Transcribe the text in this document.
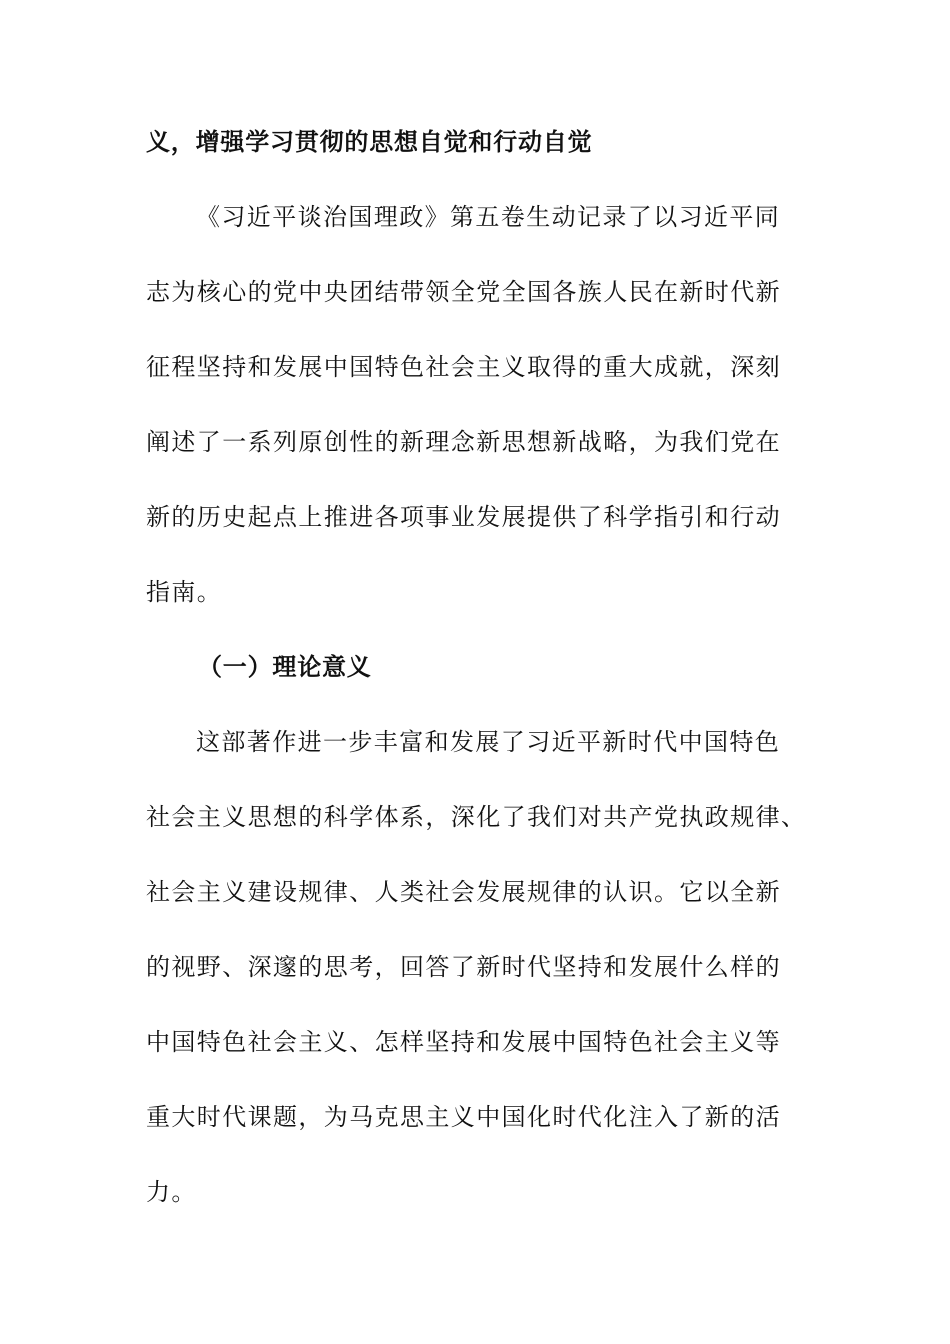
义，增强学习贯彻的思想自觉和行动自觉
《习近平谈治国理政》第五卷生动记录了以习近平同
志为核心的党中央团结带领全党全国各族人民在新时代新
征程坚持和发展中国特色社会主义取得的重大成就，深刻
阐述了一系列原创性的新理念新思想新战略，为我们党在
新的历史起点上推进各项事业发展提供了科学指引和行动
指南。
（一）理论意义
这部著作进一步丰富和发展了习近平新时代中国特色
社会主义思想的科学体系，深化了我们对共产党执政规律、
社会主义建设规律、人类社会发展规律的认识。它以全新
的视野、深邃的思考，回答了新时代坚持和发展什么样的
中国特色社会主义、怎样坚持和发展中国特色社会主义等
重大时代课题，为马克思主义中国化时代化注入了新的活
力。
